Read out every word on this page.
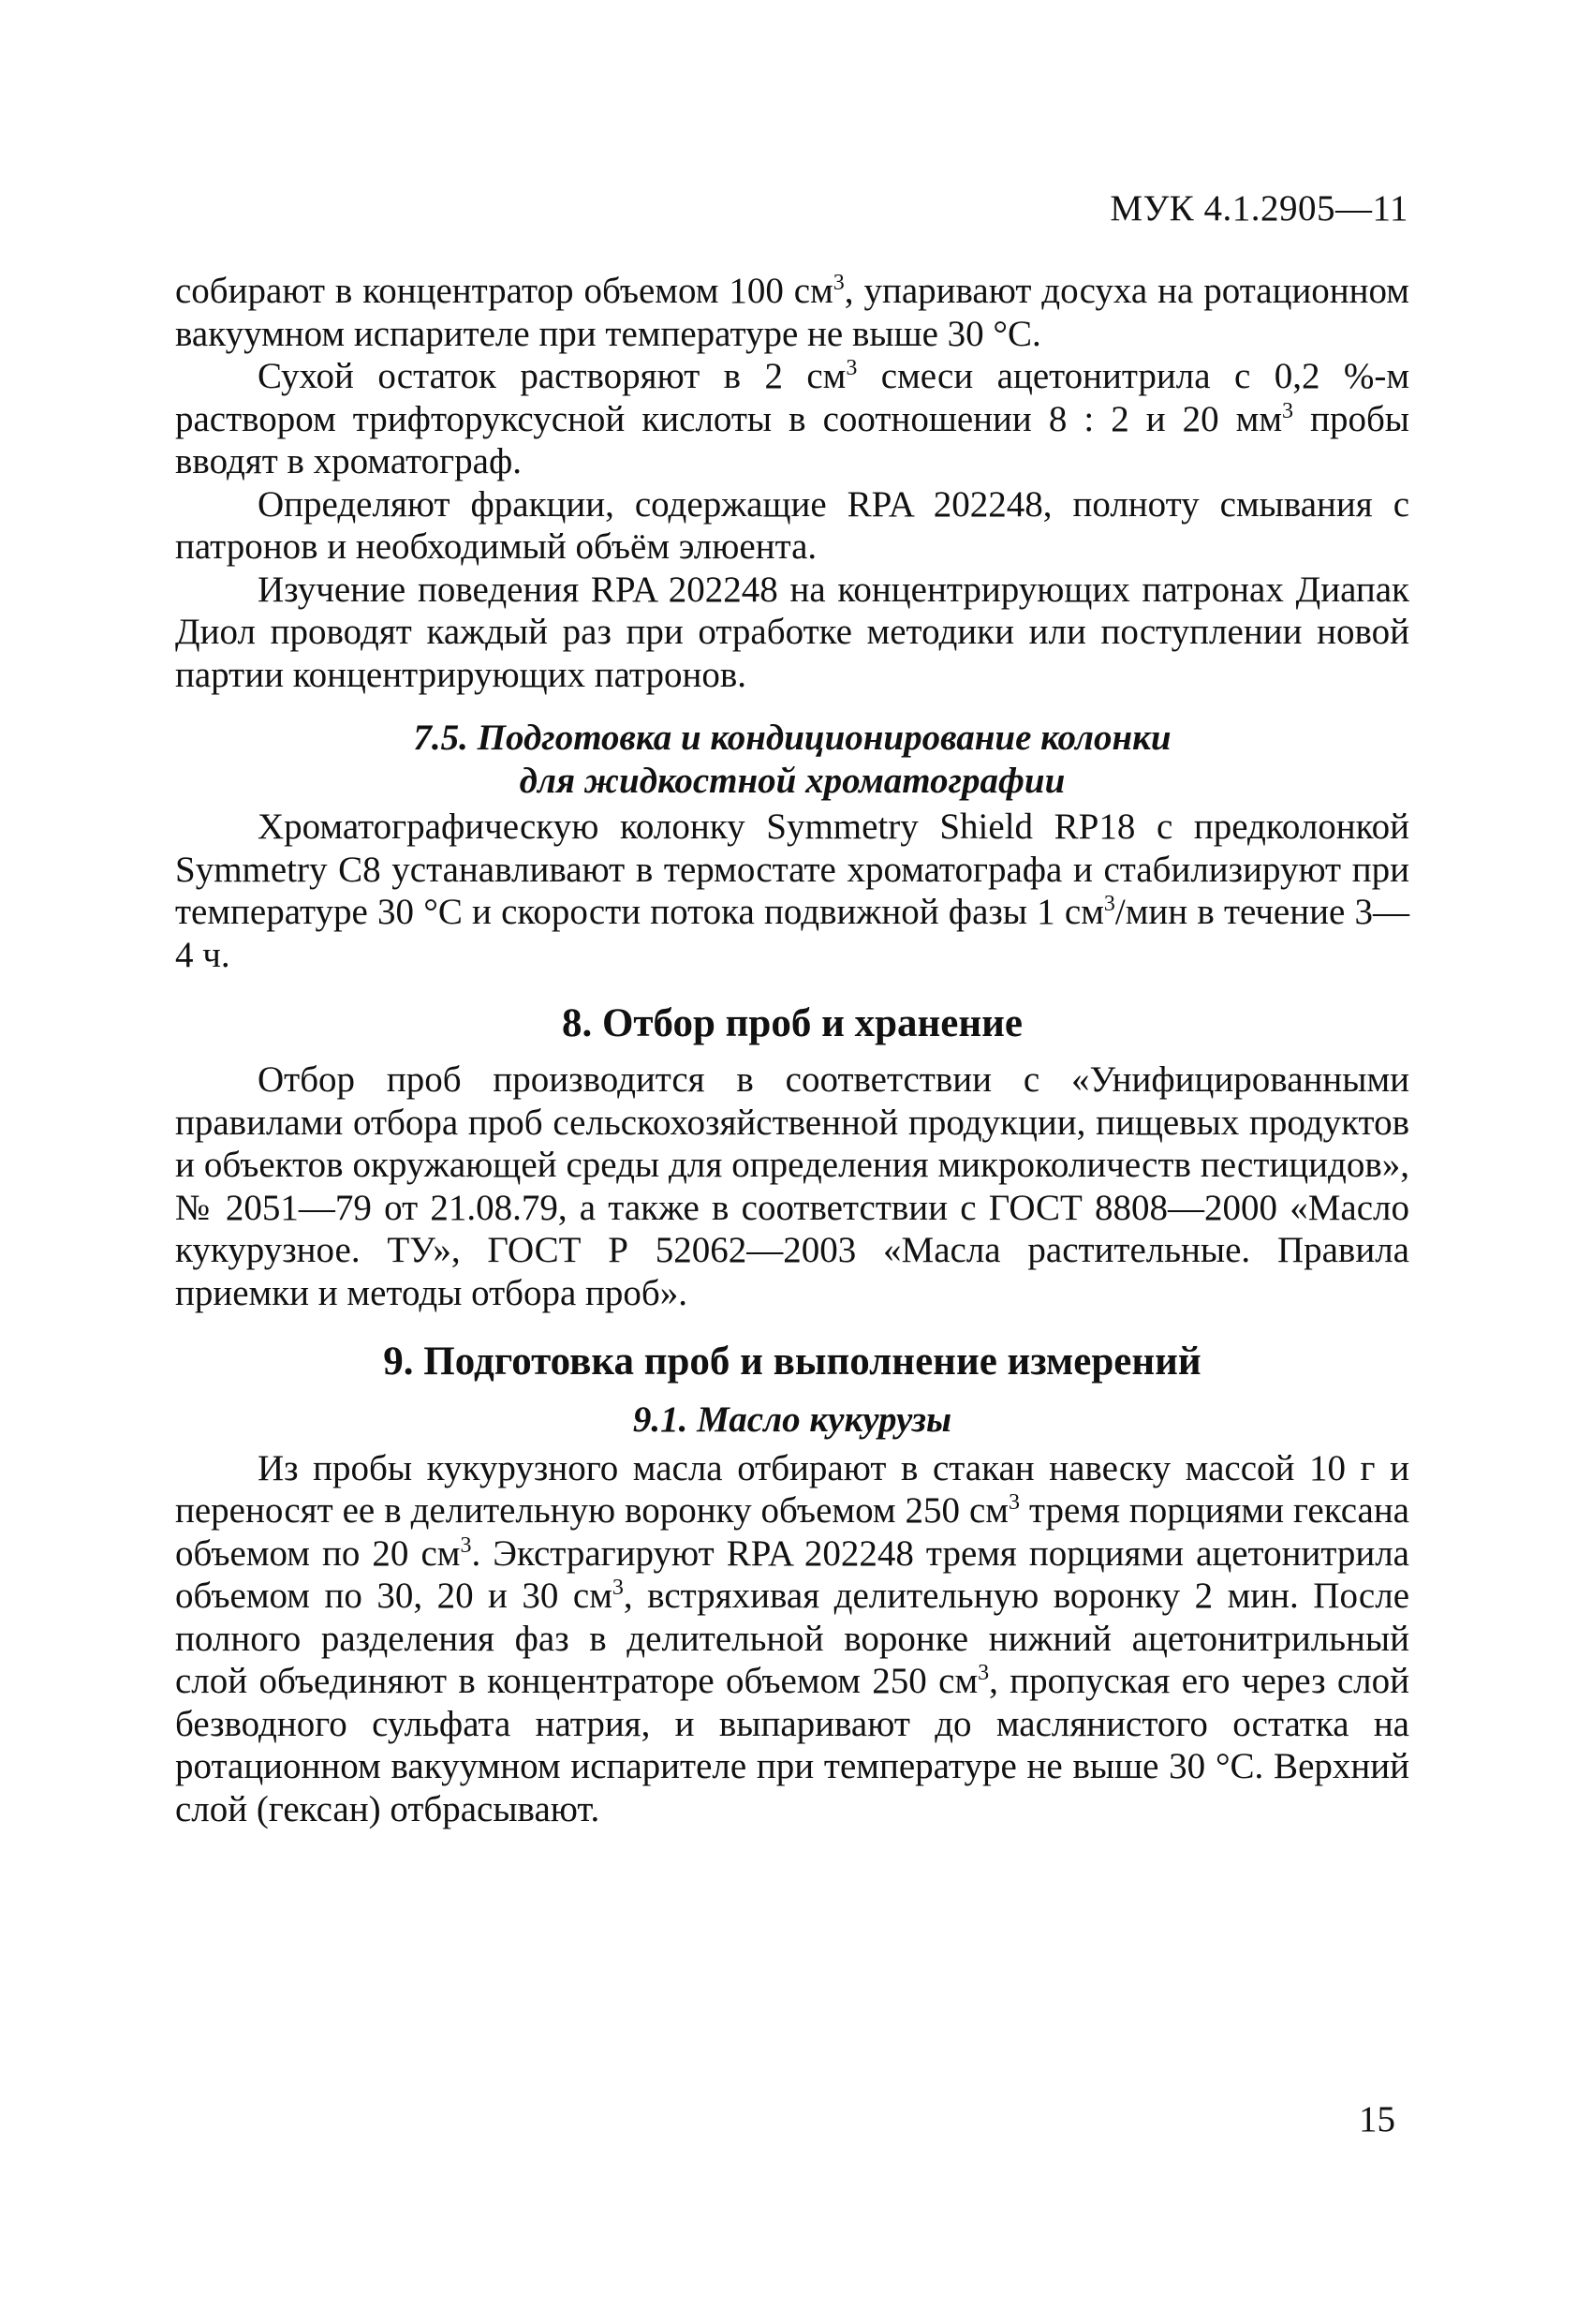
МУК 4.1.2905—11

собирают в концентратор объемом 100 $см^3$, упаривают досуха на ротационном вакуумном испарителе при температуре не выше 30 °С.

Сухой остаток растворяют в 2 $см^3$ смеси ацетонитрила с 0,2 %-м раствором трифторуксусной кислоты в соотношении 8 : 2 и 20 $мм^3$ пробы вводят в хроматограф.

Определяют фракции, содержащие RPA 202248, полноту смывания с патронов и необходимый объём элюента.

Изучение поведения RPA 202248 на концентрирующих патронах Диапак Диол проводят каждый раз при отработке методики или поступлении новой партии концентрирующих патронов.

7.5. Подготовка и кондиционирование колонки
для жидкостной хроматографии

Хроматографическую колонку Symmetry Shield RP18 с предколонкой Symmetry C8 устанавливают в термостате хроматографа и стабилизируют при температуре 30 °С и скорости потока подвижной фазы 1 $см^3$/мин в течение 3—4 ч.

8. Отбор проб и хранение

Отбор проб производится в соответствии с «Унифицированными правилами отбора проб сельскохозяйственной продукции, пищевых продуктов и объектов окружающей среды для определения микроколичеств пестицидов», № 2051—79 от 21.08.79, а также в соответствии с ГОСТ 8808—2000 «Масло кукурузное. ТУ», ГОСТ Р 52062—2003 «Масла растительные. Правила приемки и методы отбора проб».

9. Подготовка проб и выполнение измерений
9.1. Масло кукурузы

Из пробы кукурузного масла отбирают в стакан навеску массой 10 г и переносят ее в делительную воронку объемом 250 $см^3$ тремя порциями гексана объемом по 20 $см^3$. Экстрагируют RPA 202248 тремя порциями ацетонитрила объемом по 30, 20 и 30 $см^3$, встряхивая делительную воронку 2 мин. После полного разделения фаз в делительной воронке нижний ацетонитрильный слой объединяют в концентраторе объемом 250 $см^3$, пропуская его через слой безводного сульфата натрия, и выпаривают до маслянистого остатка на ротационном вакуумном испарителе при температуре не выше 30 °С. Верхний слой (гексан) отбрасывают.

15
